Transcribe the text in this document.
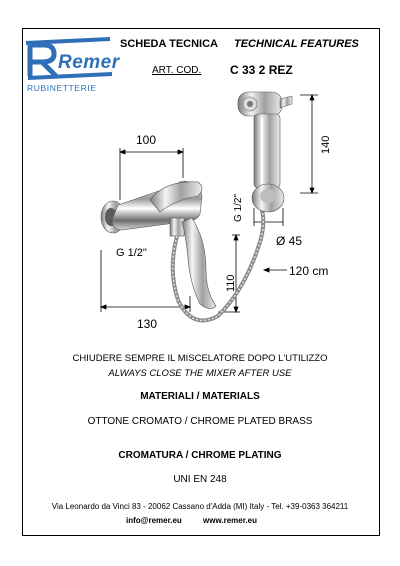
Remer
RUBINETTERIE
SCHEDA TECNICA TECHNICAL FEATURES
ART. COD. C 33 2 REZ
100
G 1/2"
130
110
140
G 1/2"
Ø 45
120 cm
CHIUDERE SEMPRE IL MISCELATORE DOPO L'UTILIZZO
ALWAYS CLOSE THE MIXER AFTER USE
MATERIALI / MATERIALS
OTTONE CROMATO / CHROME PLATED BRASS
CROMATURA / CHROME PLATING
UNI EN 248
Via Leonardo da Vinci 83 - 20062 Cassano d'Adda (MI) Italy - Tel. +39-0363 364211
info@remer.eu	www.remer.eu
